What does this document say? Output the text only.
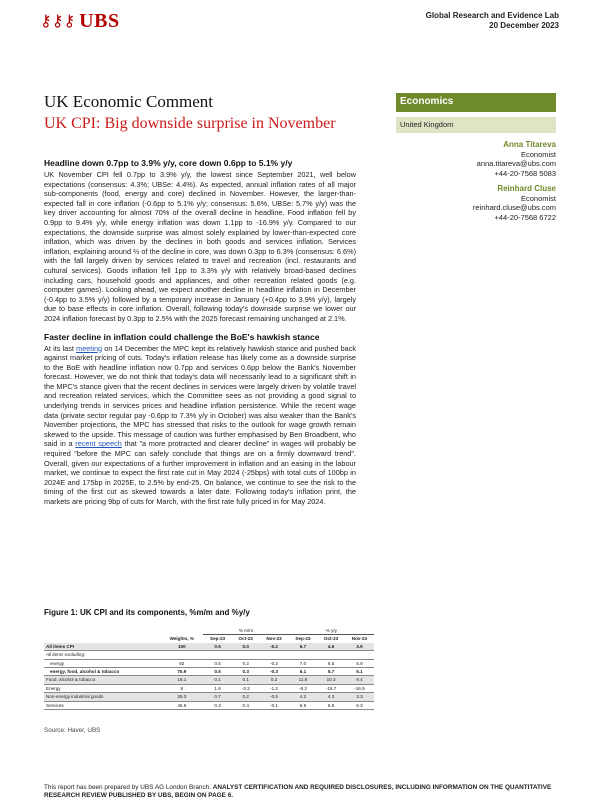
⚷⚷⚷ UBS	Global Research and Evidence Lab
20 December 2023
UK Economic Comment
UK CPI: Big downside surprise in November
Economics
United Kingdom
Anna Titareva
Economist
anna.titareva@ubs.com
+44-20-7568 5083
Reinhard Cluse
Economist
reinhard.cluse@ubs.com
+44-20-7568 6722
Headline down 0.7pp to 3.9% y/y, core down 0.6pp to 5.1% y/y

UK November CPI fell 0.7pp to 3.9% y/y, the lowest since September 2021, well below expectations (consensus: 4.3%; UBSe: 4.4%). As expected, annual inflation rates of all major sub-components (food, energy and core) declined in November. However, the larger-than-expected fall in core inflation (-0.6pp to 5.1% y/y; consensus: 5.6%, UBSe: 5.7% y/y) was the key driver accounting for almost 70% of the overall decline in headline. Food inflation fell by 0.9pp to 9.4% y/y, while energy inflation was down 1.1pp to -16.9% y/y. Compared to our expectations, the downside surprise was almost solely explained by lower-than-expected core inflation, which was driven by the declines in both goods and services inflation. Services inflation, explaining around ⅔ of the decline in core, was down 0.3pp to 6.3% (consensus: 6.6%) with the fall largely driven by services related to travel and recreation (incl. restaurants and cultural services). Goods inflation fell 1pp to 3.3% y/y with relatively broad-based declines including cars, household goods and appliances, and other recreation related goods (e.g. computer games). Looking ahead, we expect another decline in headline inflation in December (-0.4pp to 3.5% y/y) followed by a temporary increase in January (+0.4pp to 3.9% y/y), largely due to base effects in core inflation. Overall, following today's downside surprise we lower our 2024 inflation forecast by 0.3pp to 2.5% with the 2025 forecast remaining unchanged at 2.1%.

Faster decline in inflation could challenge the BoE's hawkish stance

At its last meeting on 14 December the MPC kept its relatively hawkish stance and pushed back against market pricing of cuts. Today's inflation release has likely come as a downside surprise to the BoE with headline inflation now 0.7pp and services 0.6pp below the Bank's November forecast. However, we do not think that today's data will necessarily lead to a significant shift in the MPC's stance given that the recent declines in services were largely driven by volatile travel and recreation related services, which the Committee sees as not providing a good signal to underlying trends in services prices and headline inflation persistence. While the recent wage data (private sector regular pay -0.6pp to 7.3% y/y in October) was also weaker than the Bank's November projections, the MPC has stressed that risks to the outlook for wage growth remain skewed to the upside. This message of caution was further emphasised by Ben Broadbent, who said in a recent speech that "a more protracted and clearer decline" in wages will probably be required "before the MPC can safely conclude that things are on a firmly downward trend". Overall, given our expectations of a further improvement in inflation and an easing in the labour market, we continue to expect the first rate cut in May 2024 (-25bps) with total cuts of 100bp in 2024E and 175bp in 2025E, to 2.5% by end-25. On balance, we continue to see the risk to the timing of the first cut as skewed towards a later date. Following today's inflation print, the markets are pricing 9bp of cuts for March, with the first rate fully priced in for May 2024.

Figure 1: UK CPI and its components, %m/m and %y/y
		% m/m			% y/y		
	Weights, %	Sep-23	Oct-23	Nov-23	Sep-23	Oct-23	Nov-23
All items CPI	100	0.5	0.0	-0.2	6.7	4.6	3.9
All items excluding:							
energy	92	0.5	0.2	-0.2	7.0	6.5	5.9
energy, food, alcohol & tobacco	75.9	0.5	0.3	-0.3	6.1	5.7	5.1
Food, alcohol & tobacco	16.1	0.1	0.1	0.2	11.8	10.3	9.4
Energy	8	1.6	-3.3	-1.2	-8.2	-15.7	-16.9
Non-energy industrial goods	29.3	0.7	0.2	-0.5	4.2	4.3	3.3
Services	46.6	0.3	0.4	-0.1	6.9	6.6	6.3
Source: Haver, UBS
This report has been prepared by UBS AG London Branch. ANALYST CERTIFICATION AND REQUIRED DISCLOSURES, INCLUDING INFORMATION ON THE QUANTITATIVE RESEARCH REVIEW PUBLISHED BY UBS, BEGIN ON PAGE 6.
